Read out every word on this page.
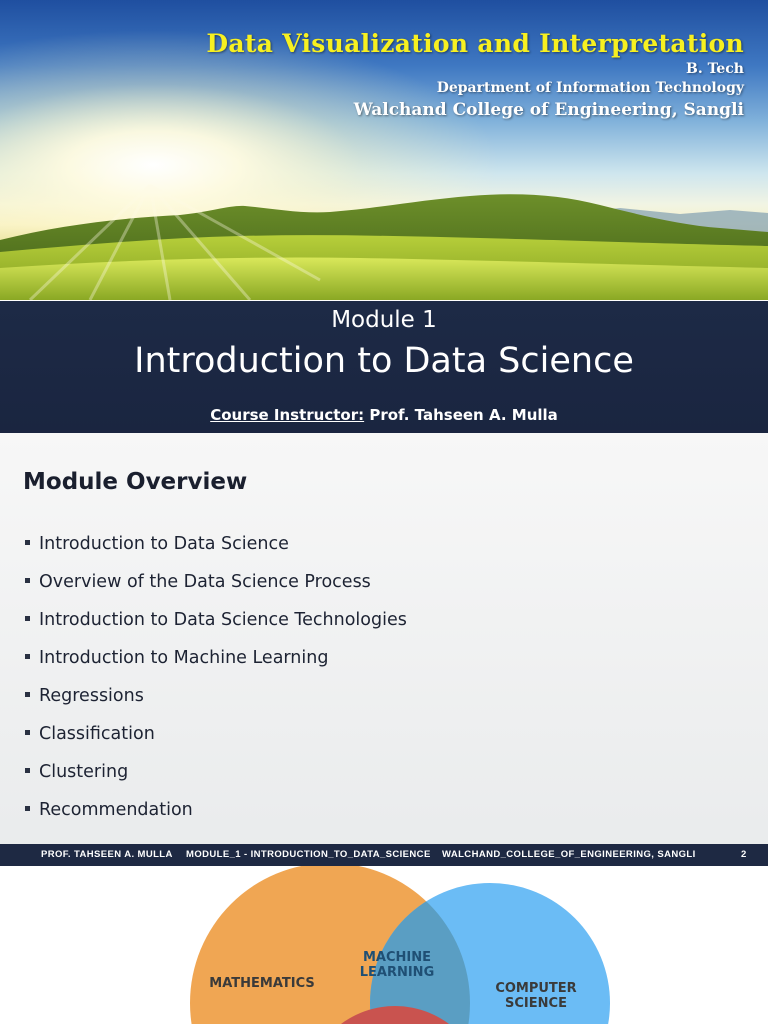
Data Visualization and Interpretation
B. Tech
Department of Information Technology
Walchand College of Engineering, Sangli
Module 1
Introduction to Data Science
Course Instructor: Prof. Tahseen A. Mulla
Module Overview
Introduction to Data Science
Overview of the Data Science Process
Introduction to Data Science Technologies
Introduction to Machine Learning
Regressions
Classification
Clustering
Recommendation
PROF. TAHSEEN A. MULLA MODULE_1 - INTRODUCTION_TO_DATA_SCIENCE WALCHAND_COLLEGE_OF_ENGINEERING, SANGLI	2
MATHEMATICS
MACHINE
LEARNING
COMPUTER
SCIENCE
